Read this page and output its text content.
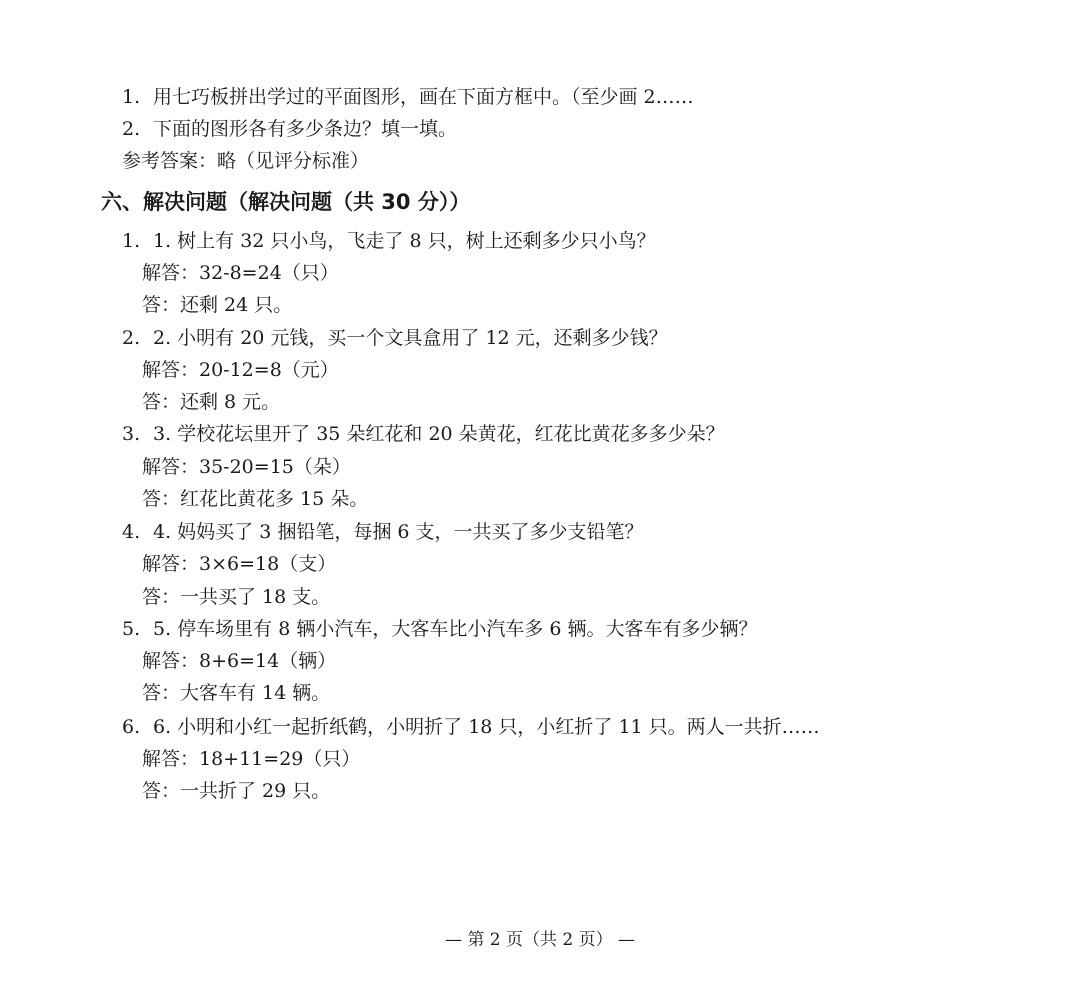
1. 用七巧板拼出学过的平面图形，画在下面方框中。（至少画 2……
2. 下面的图形各有多少条边？填一填。
参考答案：略（见评分标准）
六、解决问题（解决问题（共 30 分））
1. 1. 树上有 32 只小鸟，飞走了 8 只，树上还剩多少只小鸟？
解答：32-8=24（只）
答：还剩 24 只。
2. 2. 小明有 20 元钱，买一个文具盒用了 12 元，还剩多少钱？
解答：20-12=8（元）
答：还剩 8 元。
3. 3. 学校花坛里开了 35 朵红花和 20 朵黄花，红花比黄花多多少朵？
解答：35-20=15（朵）
答：红花比黄花多 15 朵。
4. 4. 妈妈买了 3 捆铅笔，每捆 6 支，一共买了多少支铅笔？
解答：3×6=18（支）
答：一共买了 18 支。
5. 5. 停车场里有 8 辆小汽车，大客车比小汽车多 6 辆。大客车有多少辆？
解答：8+6=14（辆）
答：大客车有 14 辆。
6. 6. 小明和小红一起折纸鹤，小明折了 18 只，小红折了 11 只。两人一共折……
解答：18+11=29（只）
答：一共折了 29 只。
— 第 2 页（共 2 页） —
